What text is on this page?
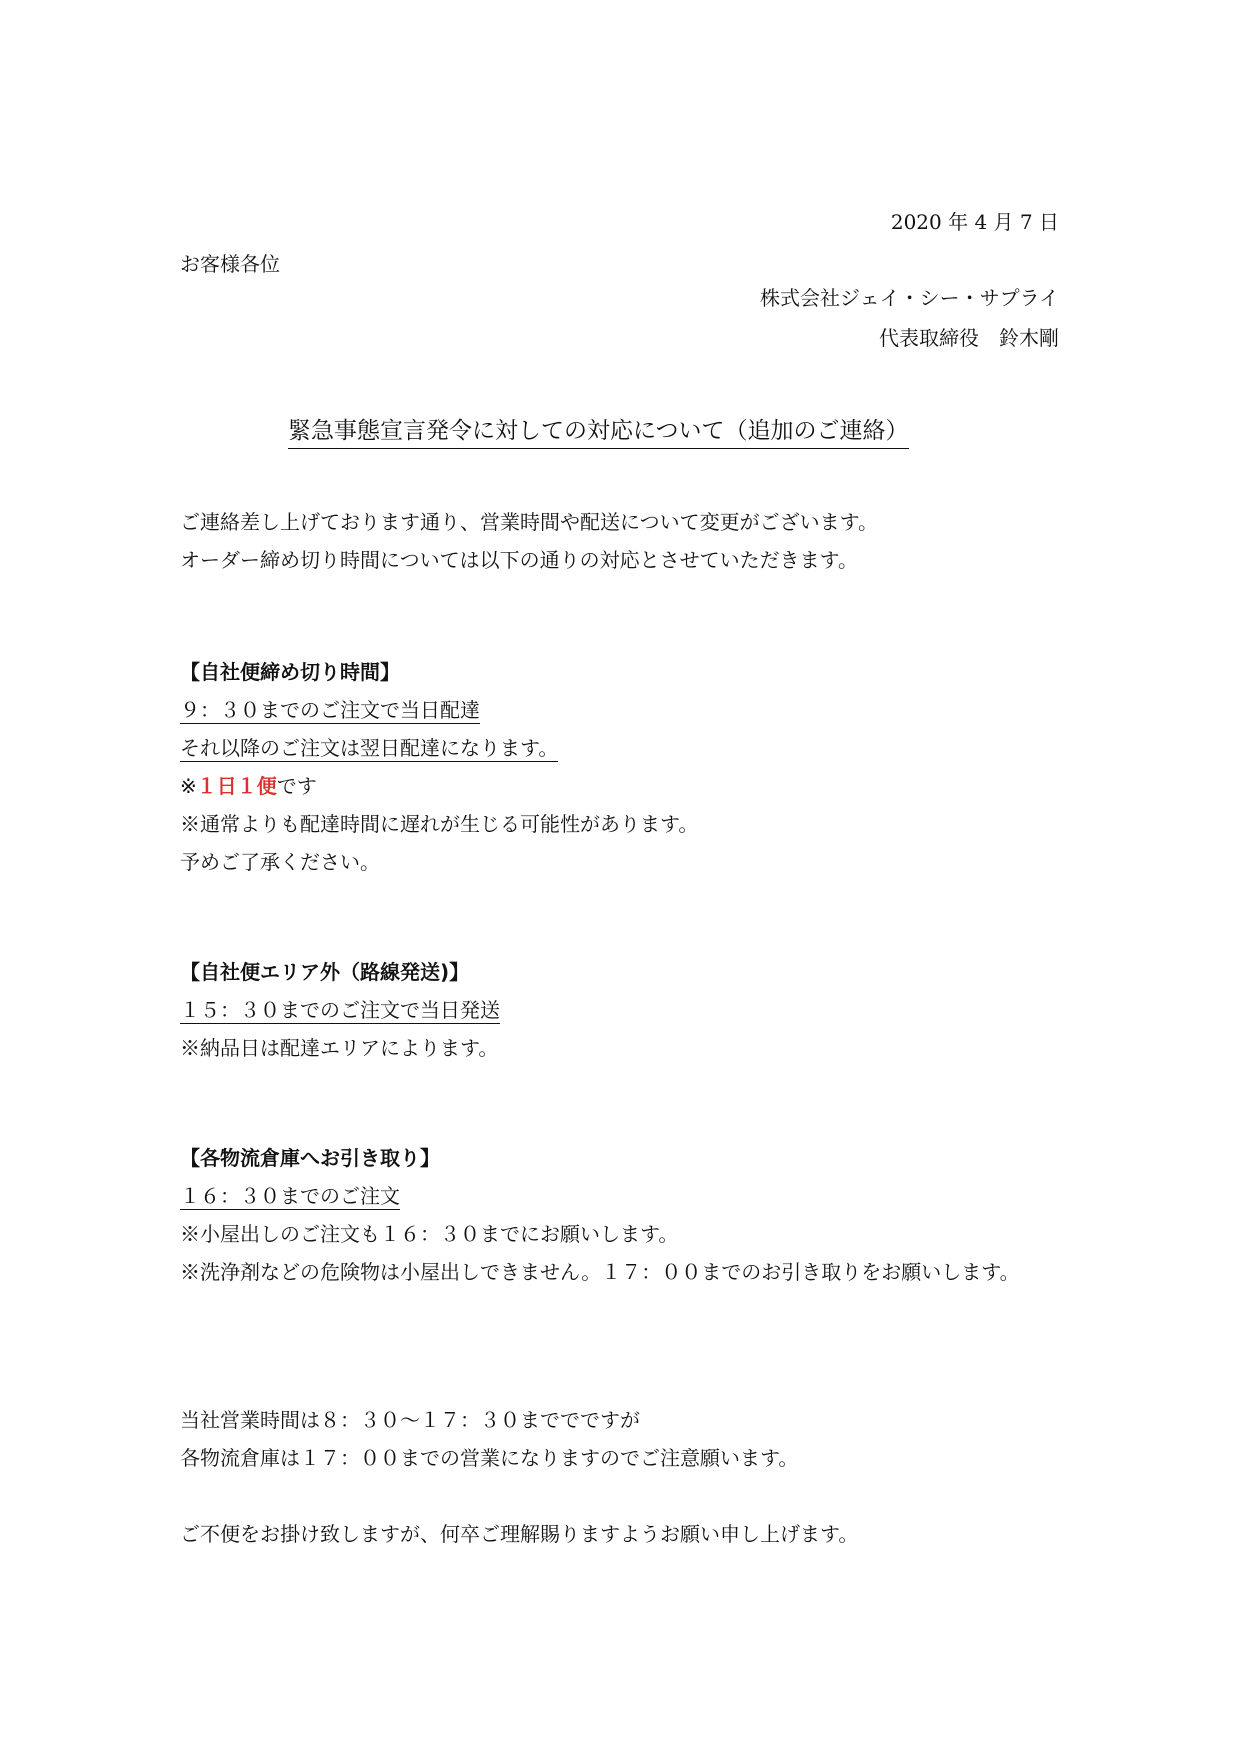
2020 年 4 月 7 日
お客様各位
株式会社ジェイ・シー・サプライ
代表取締役　鈴木剛
緊急事態宣言発令に対しての対応について（追加のご連絡）
ご連絡差し上げております通り、営業時間や配送について変更がございます。
オーダー締め切り時間については以下の通りの対応とさせていただきます。
【自社便締め切り時間】
９：３０までのご注文で当日配達
それ以降のご注文は翌日配達になります。
※１日１便です
※通常よりも配達時間に遅れが生じる可能性があります。
予めご了承ください。
【自社便エリア外（路線発送)】
１５：３０までのご注文で当日発送
※納品日は配達エリアによります。
【各物流倉庫へお引き取り】
１６：３０までのご注文
※小屋出しのご注文も１６：３０までにお願いします。
※洗浄剤などの危険物は小屋出しできません。１７：００までのお引き取りをお願いします。
当社営業時間は８：３０～１７：３０まででですが
各物流倉庫は１７：００までの営業になりますのでご注意願います。
ご不便をお掛け致しますが、何卒ご理解賜りますようお願い申し上げます。
